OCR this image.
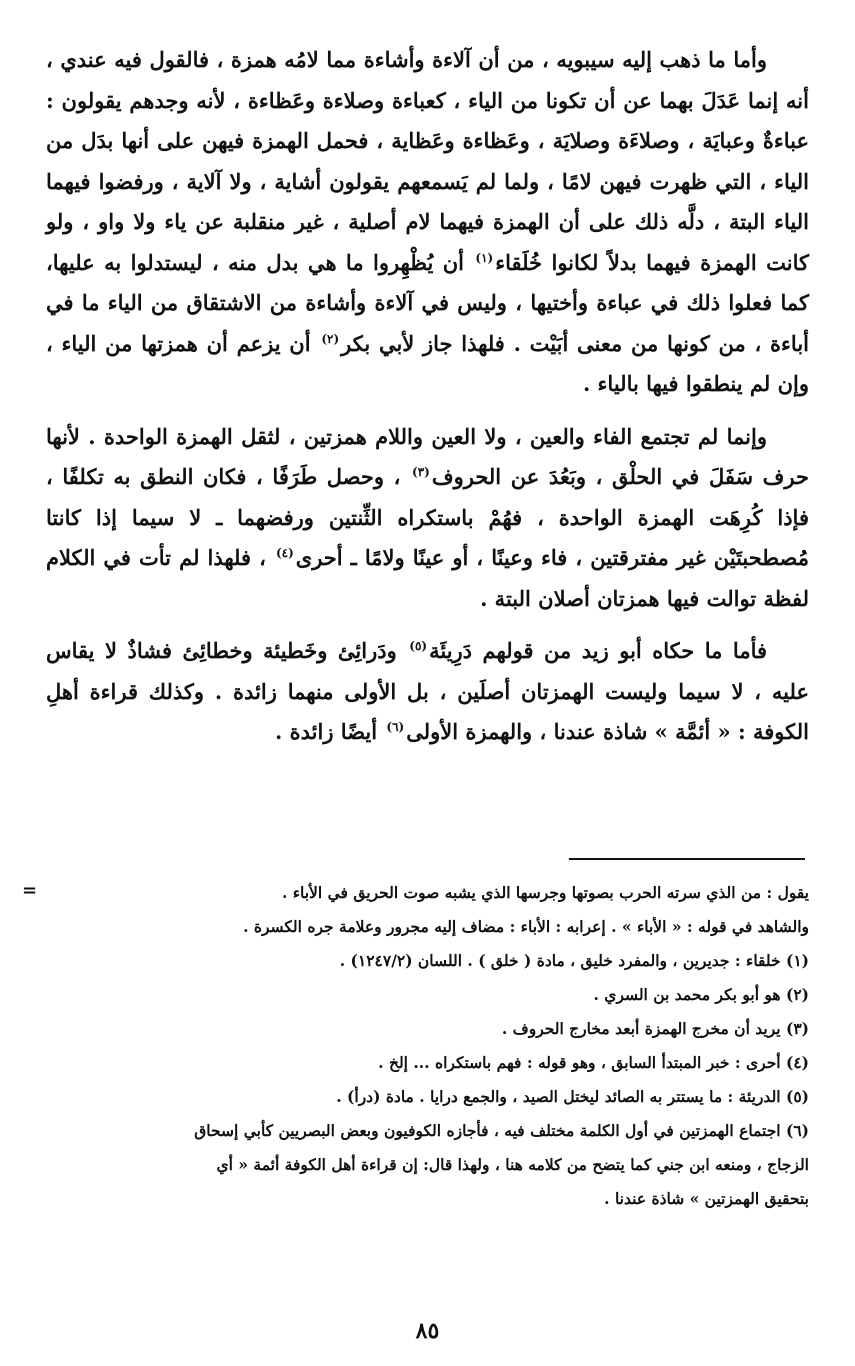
وأما ما ذهب إليه سيبويه ، من أن آلاءة وأشاءة مما لامُه همزة ، فالقول فيه عندي ، أنه إنما عَدَلَ بهما عن أن تكونا من الياء ، كعباءة وصلاءة وعَظاءة ، لأنه وجدهم يقولون : عباءةٌ وعبايَة ، وصلاءَة وصلايَة ، وعَظاءة وعَظاية ، فحمل الهمزة فيهن على أنها بدَل من الياء ، التي ظهرت فيهن لامًا ، ولما لم يَسمعهم يقولون أشاية ، ولا آلاية ، ورفضوا فيهما الياء البتة ، دلَّه ذلك على أن الهمزة فيهما لام أصلية ، غير منقلبة عن ياء ولا واو ، ولو كانت الهمزة فيهما بدلاً لكانوا خُلَقاء$^{(١)}$ أن يُظْهِروا ما هي بدل منه ، ليستدلوا به عليها، كما فعلوا ذلك في عباءة وأختيها ، وليس في آلاءة وأشاءة من الاشتقاق من الياء ما في أباءة ، من كونها من معنى أبَيْت . فلهذا جاز لأبي بكر$^{(٢)}$ أن يزعم أن همزتها من الياء ، وإن لم ينطقوا فيها بالياء .

وإنما لم تجتمع الفاء والعين ، ولا العين واللام همزتين ، لثقل الهمزة الواحدة . لأنها حرف سَفَلَ في الحلْق ، وبَعُدَ عن الحروف$^{(٣)}$ ، وحصل طَرَفًا ، فكان النطق به تكلفًا ، فإذا كُرِهَت الهمزة الواحدة ، فهُمْ باستكراه الثِّنتين ورفضهما ـ لا سيما إذا كانتا مُصطحبتَيْن غير مفترقتين ، فاء وعينًا ، أو عينًا ولامًا ـ أحرى$^{(٤)}$ ، فلهذا لم تأت في الكلام لفظة توالت فيها همزتان أصلان البتة .

فأما ما حكاه أبو زيد من قولهم دَرِيئَة$^{(٥)}$ ودَرائِئ وخَطيئة وخطائِئ فشاذٌ لا يقاس عليه ، لا سيما وليست الهمزتان أصلَين ، بل الأولى منهما زائدة . وكذلك قراءة أهلِ الكوفة : « أئمَّة » شاذة عندنا ، والهمزة الأولى$^{(٦)}$ أيضًا زائدة .

=	يقول : من الذي سرته الحرب بصوتها وجرسها الذي يشبه صوت الحريق في الأباء .

والشاهد في قوله : « الأباء » . إعرابه : الأباء : مضاف إليه مجرور وعلامة جره الكسرة .

(١) خلقاء : جديرين ، والمفرد خليق ، مادة ( خلق ) . اللسان (١٢٤٧/٢) .

(٢) هو أبو بكر محمد بن السري .

(٣) يريد أن مخرج الهمزة أبعد مخارج الحروف .

(٤) أحرى : خبر المبتدأ السابق ، وهو قوله : فهم باستكراه ... إلخ .

(٥) الدريئة : ما يستتر به الصائد ليختل الصيد ، والجمع درايا . مادة (درأ) .

(٦) اجتماع الهمزتين في أول الكلمة مختلف فيه ، فأجازه الكوفيون وبعض البصريين كأبي إسحاق

الزجاج ، ومنعه ابن جني كما يتضح من كلامه هنا ، ولهذا قال: إن قراءة أهل الكوفة أئمة « أي

بتحقيق الهمزتين » شاذة عندنا .

٨٥
